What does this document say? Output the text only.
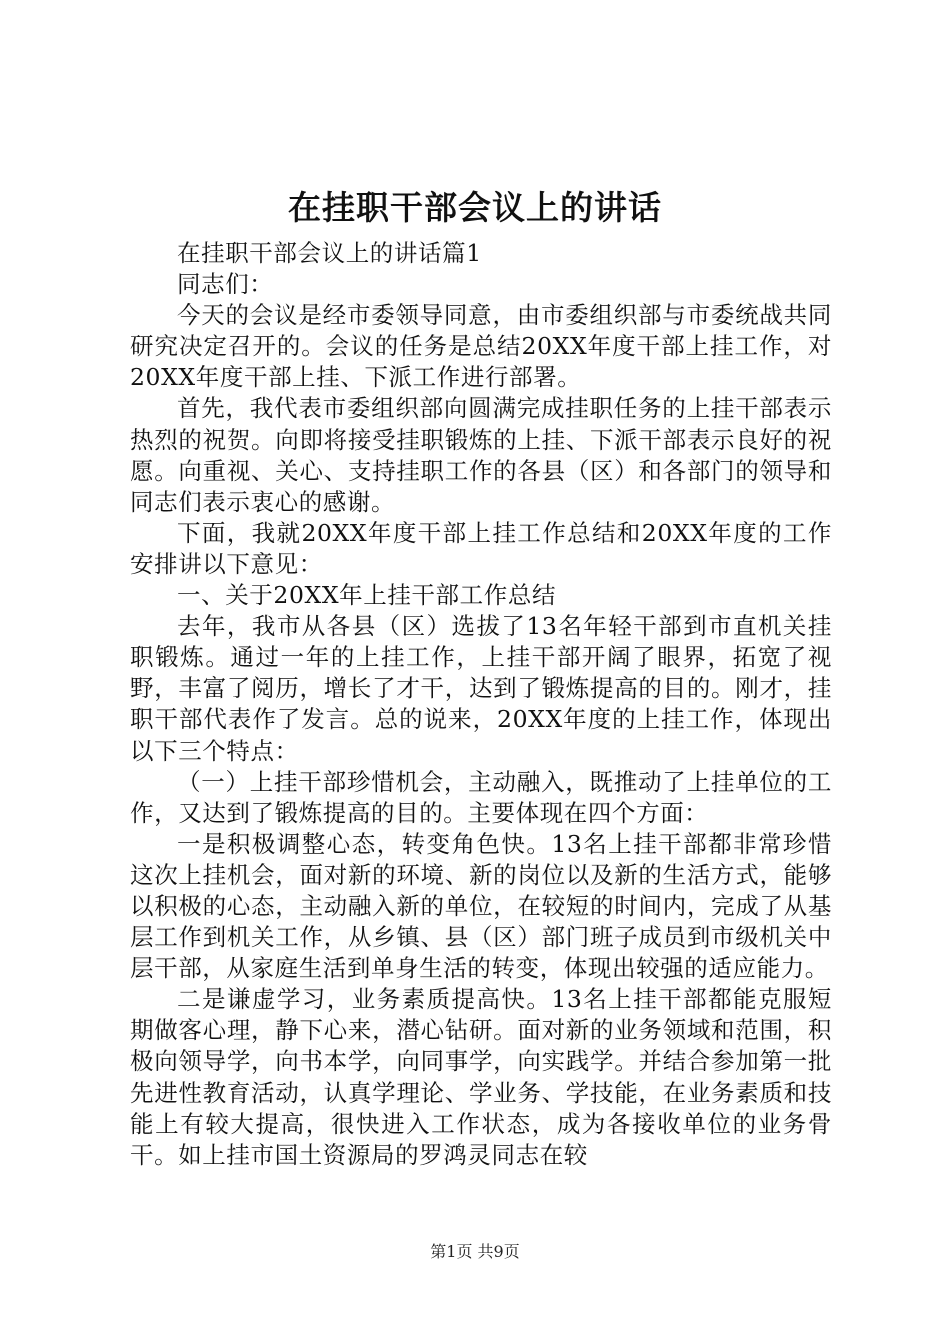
在挂职干部会议上的讲话

在挂职干部会议上的讲话篇1

同志们：

今天的会议是经市委领导同意，由市委组织部与市委统战共同研究决定召开的。会议的任务是总结20XX年度干部上挂工作，对20XX年度干部上挂、下派工作进行部署。

首先，我代表市委组织部向圆满完成挂职任务的上挂干部表示热烈的祝贺。向即将接受挂职锻炼的上挂、下派干部表示良好的祝愿。向重视、关心、支持挂职工作的各县（区）和各部门的领导和同志们表示衷心的感谢。

下面，我就20XX年度干部上挂工作总结和20XX年度的工作安排讲以下意见：

一、关于20XX年上挂干部工作总结

去年，我市从各县（区）选拔了13名年轻干部到市直机关挂职锻炼。通过一年的上挂工作，上挂干部开阔了眼界，拓宽了视野，丰富了阅历，增长了才干，达到了锻炼提高的目的。刚才，挂职干部代表作了发言。总的说来，20XX年度的上挂工作，体现出以下三个特点：

（一）上挂干部珍惜机会，主动融入，既推动了上挂单位的工作，又达到了锻炼提高的目的。主要体现在四个方面：

一是积极调整心态，转变角色快。13名上挂干部都非常珍惜这次上挂机会，面对新的环境、新的岗位以及新的生活方式，能够以积极的心态，主动融入新的单位，在较短的时间内，完成了从基层工作到机关工作，从乡镇、县（区）部门班子成员到市级机关中层干部，从家庭生活到单身生活的转变，体现出较强的适应能力。

二是谦虚学习，业务素质提高快。13名上挂干部都能克服短期做客心理，静下心来，潜心钻研。面对新的业务领域和范围，积极向领导学，向书本学，向同事学，向实践学。并结合参加第一批先进性教育活动，认真学理论、学业务、学技能，在业务素质和技能上有较大提高，很快进入工作状态，成为各接收单位的业务骨干。如上挂市国土资源局的罗鸿灵同志在较

第1页 共9页
